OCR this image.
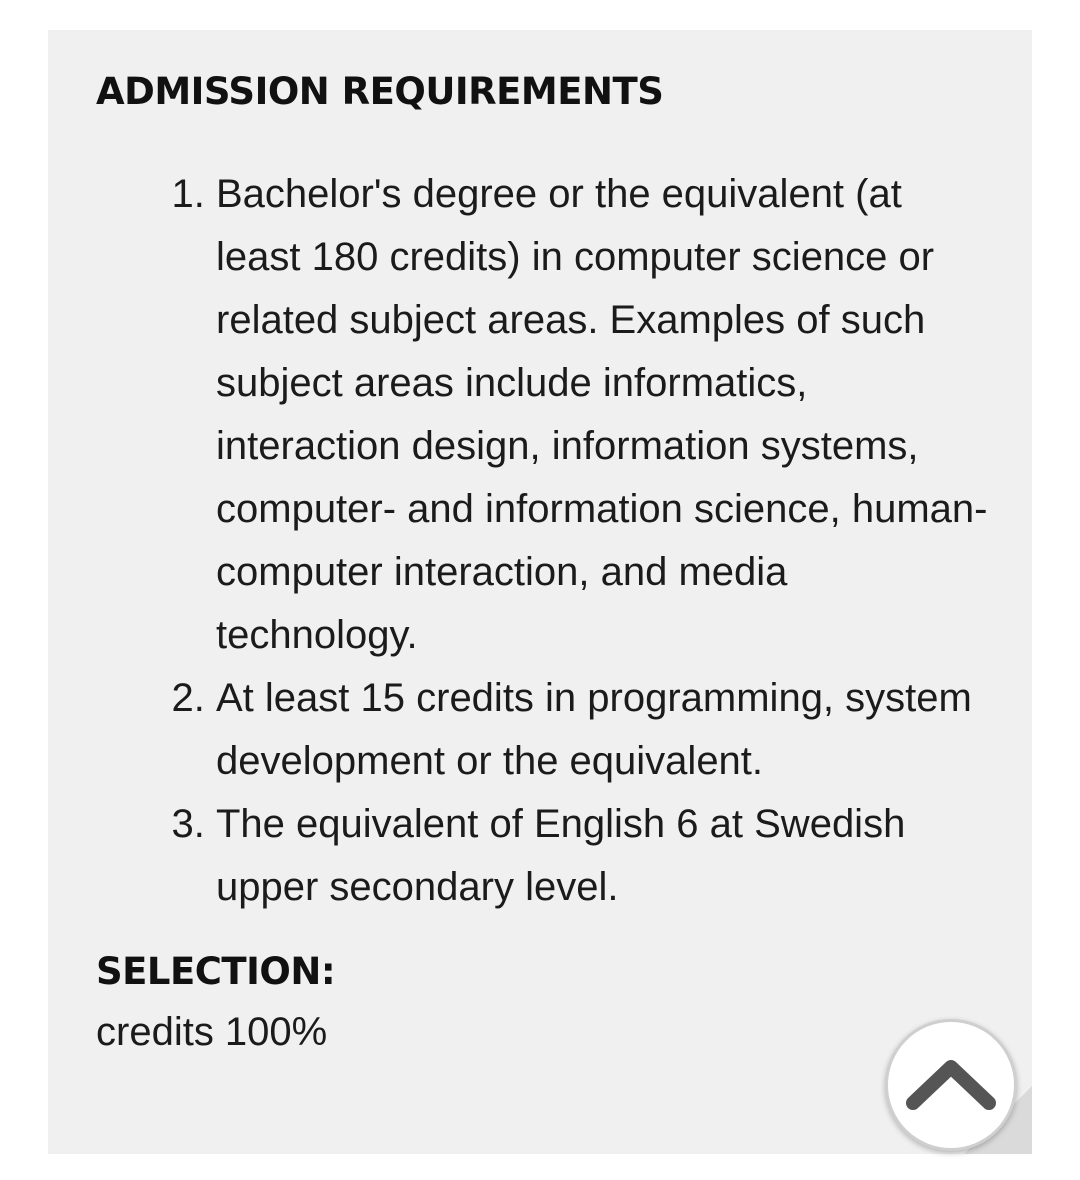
ADMISSION REQUIREMENTS
1. Bachelor's degree or the equivalent (at least 180 credits) in computer science or related subject areas. Examples of such subject areas include informatics, interaction design, information systems, computer- and information science, human-computer interaction, and media technology.
2. At least 15 credits in programming, system development or the equivalent.
3. The equivalent of English 6 at Swedish upper secondary level.
SELECTION:
credits 100%
